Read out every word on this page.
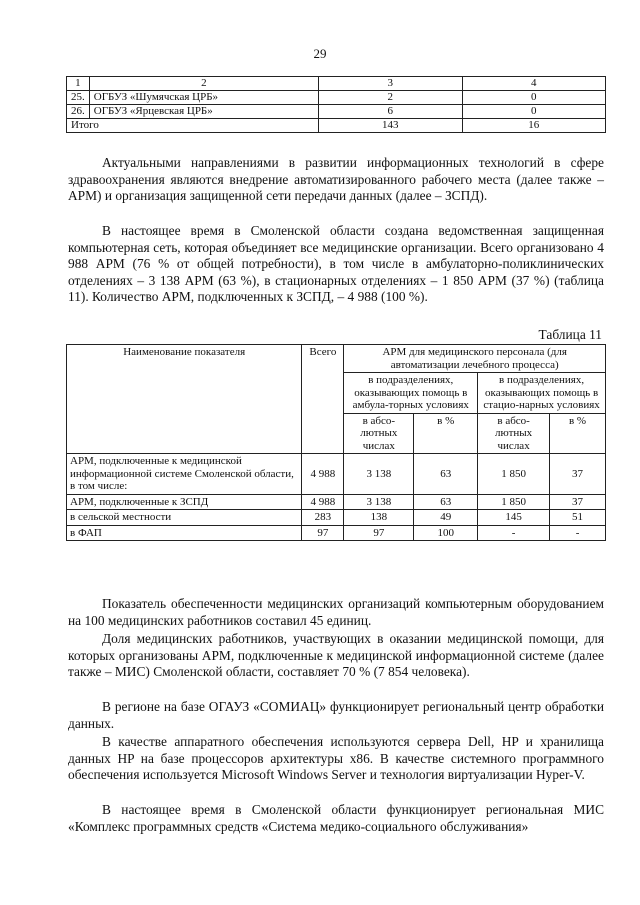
29
1	2	3	4
25.	ОГБУЗ «Шумячская ЦРБ»	2	0
26.	ОГБУЗ «Ярцевская ЦРБ»	6	0
Итого		143	16

Актуальными направлениями в развитии информационных технологий в сфере здравоохранения являются внедрение автоматизированного рабочего места (далее также – АРМ) и организация защищенной сети передачи данных (далее – ЗСПД).

В настоящее время в Смоленской области создана ведомственная защищенная компьютерная сеть, которая объединяет все медицинские организации. Всего организовано 4 988 АРМ (76 % от общей потребности), в том числе в амбулаторно-поликлинических отделениях – 3 138 АРМ (63 %), в стационарных отделениях – 1 850 АРМ (37 %) (таблица 11). Количество АРМ, подключенных к ЗСПД, – 4 988 (100 %).

Таблица 11
Наименование показателя	Всего	АРМ для медицинского персонала (для автоматизации лечебного процесса)			
		в подразделениях, оказывающих помощь в амбула-торных условиях		в подразделениях, оказывающих помощь в стацио-нарных условиях	
		в абсо-лютных числах	в %	в абсо-лютных числах	в %
АРМ, подключенные к медицинской информационной системе Смоленской области, в том числе:	4 988	3 138	63	1 850	37
АРМ, подключенные к ЗСПД	4 988	3 138	63	1 850	37
в сельской местности	283	138	49	145	51
в ФАП	97	97	100	-	-

Показатель обеспеченности медицинских организаций компьютерным оборудованием на 100 медицинских работников составил 45 единиц.

Доля медицинских работников, участвующих в оказании медицинской помощи, для которых организованы АРМ, подключенные к медицинской информационной системе (далее также – МИС) Смоленской области, составляет 70 % (7 854 человека).

В регионе на базе ОГАУЗ «СОМИАЦ» функционирует региональный центр обработки данных.

В качестве аппаратного обеспечения используются сервера Dell, HP и хранилища данных HP на базе процессоров архитектуры x86. В качестве системного программного обеспечения используется Microsoft Windows Server и технология виртуализации Hyper-V.

В настоящее время в Смоленской области функционирует региональная МИС «Комплекс программных средств «Система медико-социального обслуживания»
